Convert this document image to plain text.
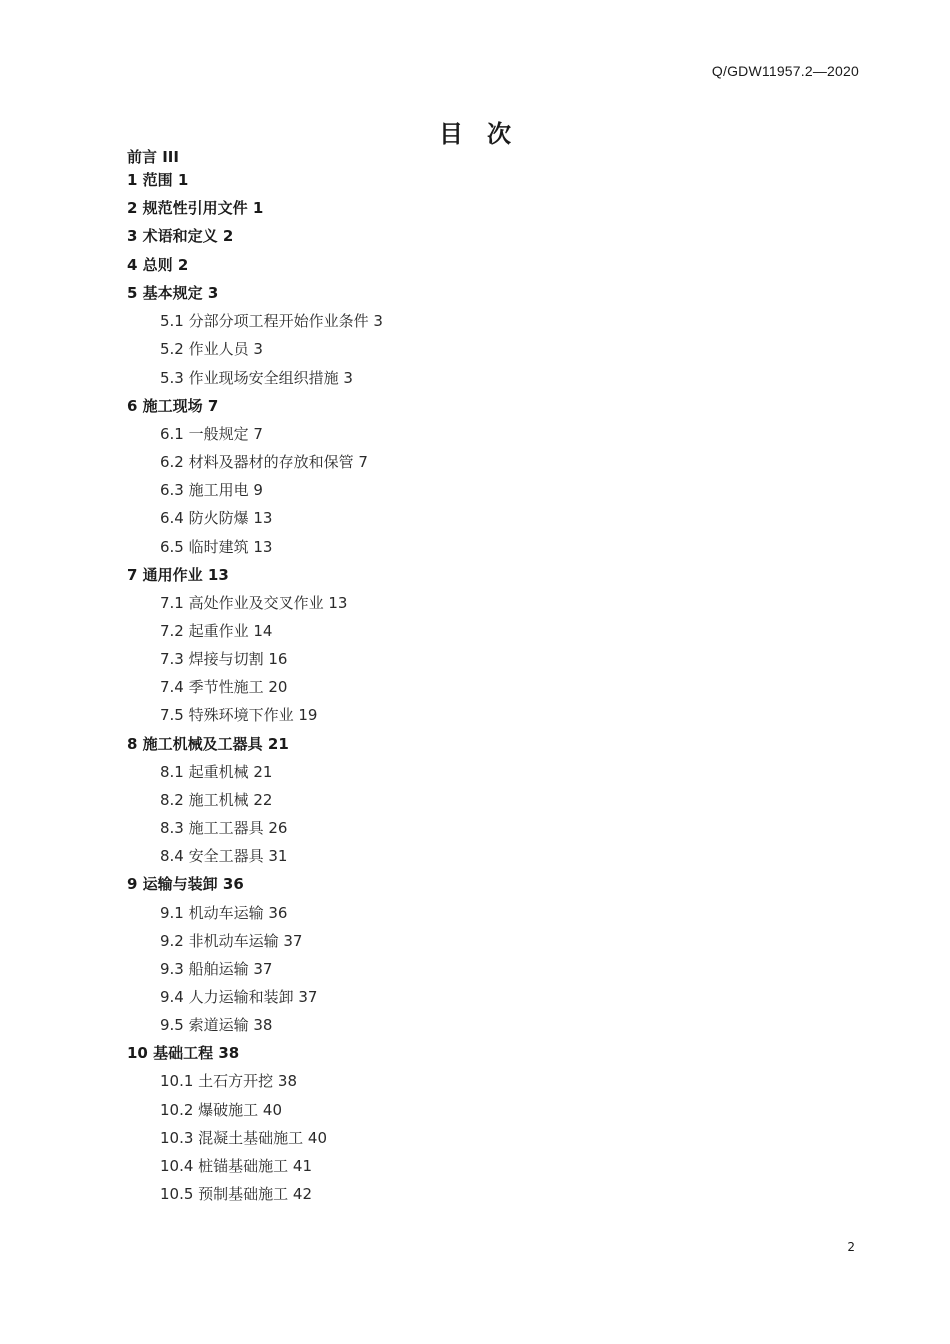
Q/GDW11957.2—2020
目次
前言 III
1 范围 1
2 规范性引用文件 1
3 术语和定义 2
4 总则 2
5 基本规定 3
5.1 分部分项工程开始作业条件 3
5.2 作业人员 3
5.3 作业现场安全组织措施 3
6 施工现场 7
6.1 一般规定 7
6.2 材料及器材的存放和保管 7
6.3 施工用电 9
6.4 防火防爆 13
6.5 临时建筑 13
7 通用作业 13
7.1 高处作业及交叉作业 13
7.2 起重作业 14
7.3 焊接与切割 16
7.4 季节性施工 20
7.5 特殊环境下作业 19
8 施工机械及工器具 21
8.1 起重机械 21
8.2 施工机械 22
8.3 施工工器具 26
8.4 安全工器具 31
9 运输与装卸 36
9.1 机动车运输 36
9.2 非机动车运输 37
9.3 船舶运输 37
9.4 人力运输和装卸 37
9.5 索道运输 38
10 基础工程 38
10.1 土石方开挖 38
10.2 爆破施工 40
10.3 混凝土基础施工 40
10.4 桩锚基础施工 41
10.5 预制基础施工 42
2
